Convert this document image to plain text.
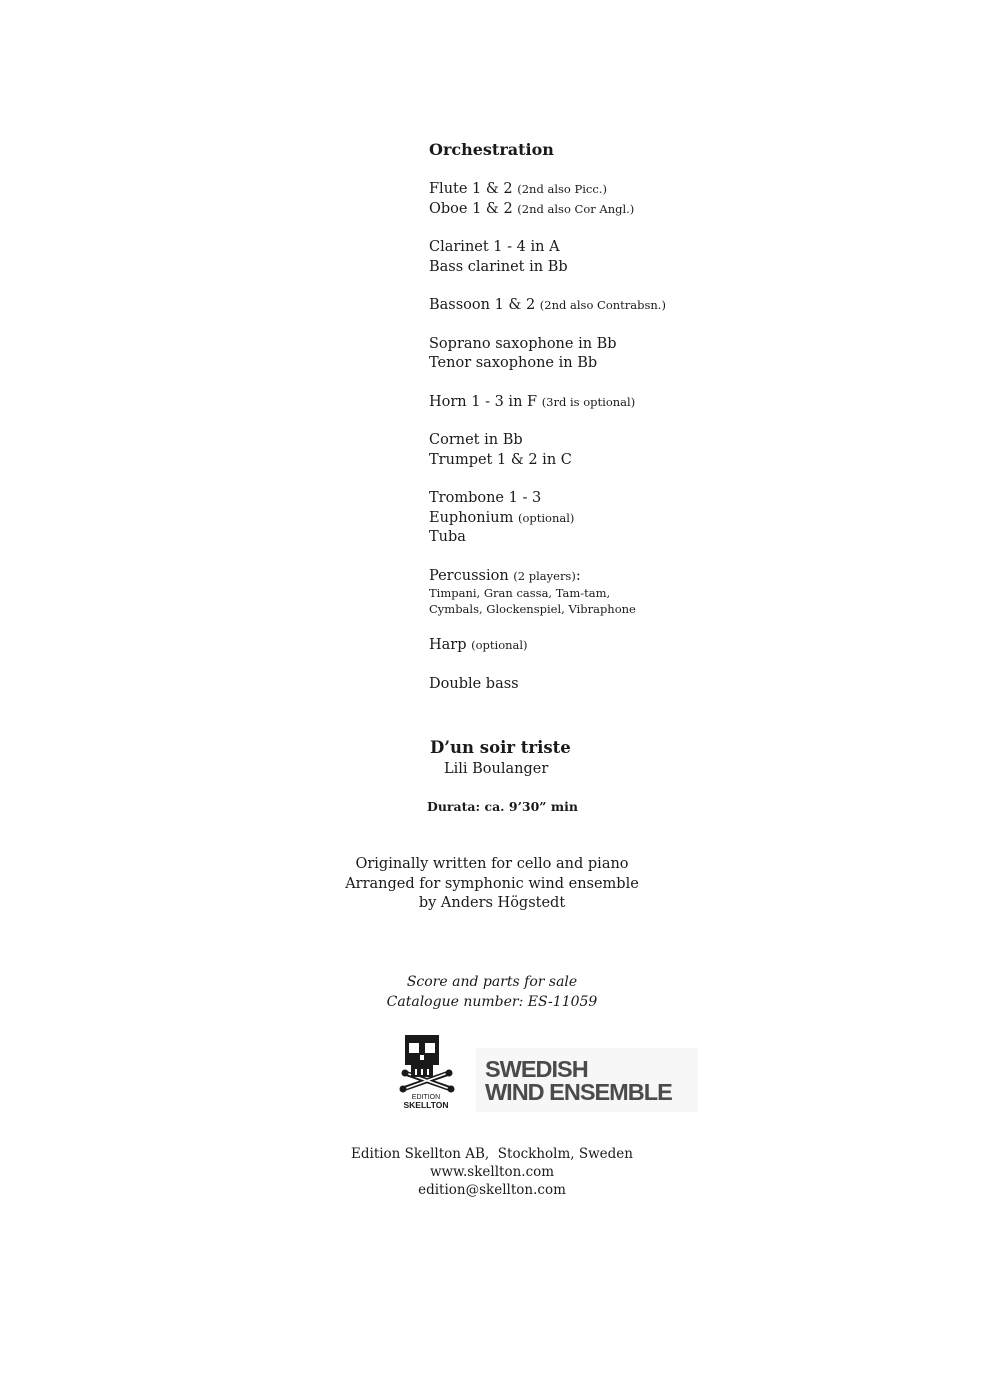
Orchestration
Flute 1 & 2 (2nd also Picc.)
Oboe 1 & 2 (2nd also Cor Angl.)
Clarinet 1 - 4 in A
Bass clarinet in Bb
Bassoon 1 & 2 (2nd also Contrabsn.)
Soprano saxophone in Bb
Tenor saxophone in Bb
Horn 1 - 3 in F (3rd is optional)
Cornet in Bb
Trumpet 1 & 2 in C
Trombone 1 - 3
Euphonium (optional)
Tuba
Percussion (2 players):
Timpani, Gran cassa, Tam-tam,
Cymbals, Glockenspiel, Vibraphone
Harp (optional)
Double bass
D’un soir triste
Lili Boulanger
Durata: ca. 9’30” min
Originally written for cello and piano
Arranged for symphonic wind ensemble
by Anders Högstedt
Score and parts for sale
Catalogue number: ES-11059
EDITION
SKELLTON
SWEDISH
WIND ENSEMBLE
Edition Skellton AB,  Stockholm, Sweden
www.skellton.com
edition@skellton.com
